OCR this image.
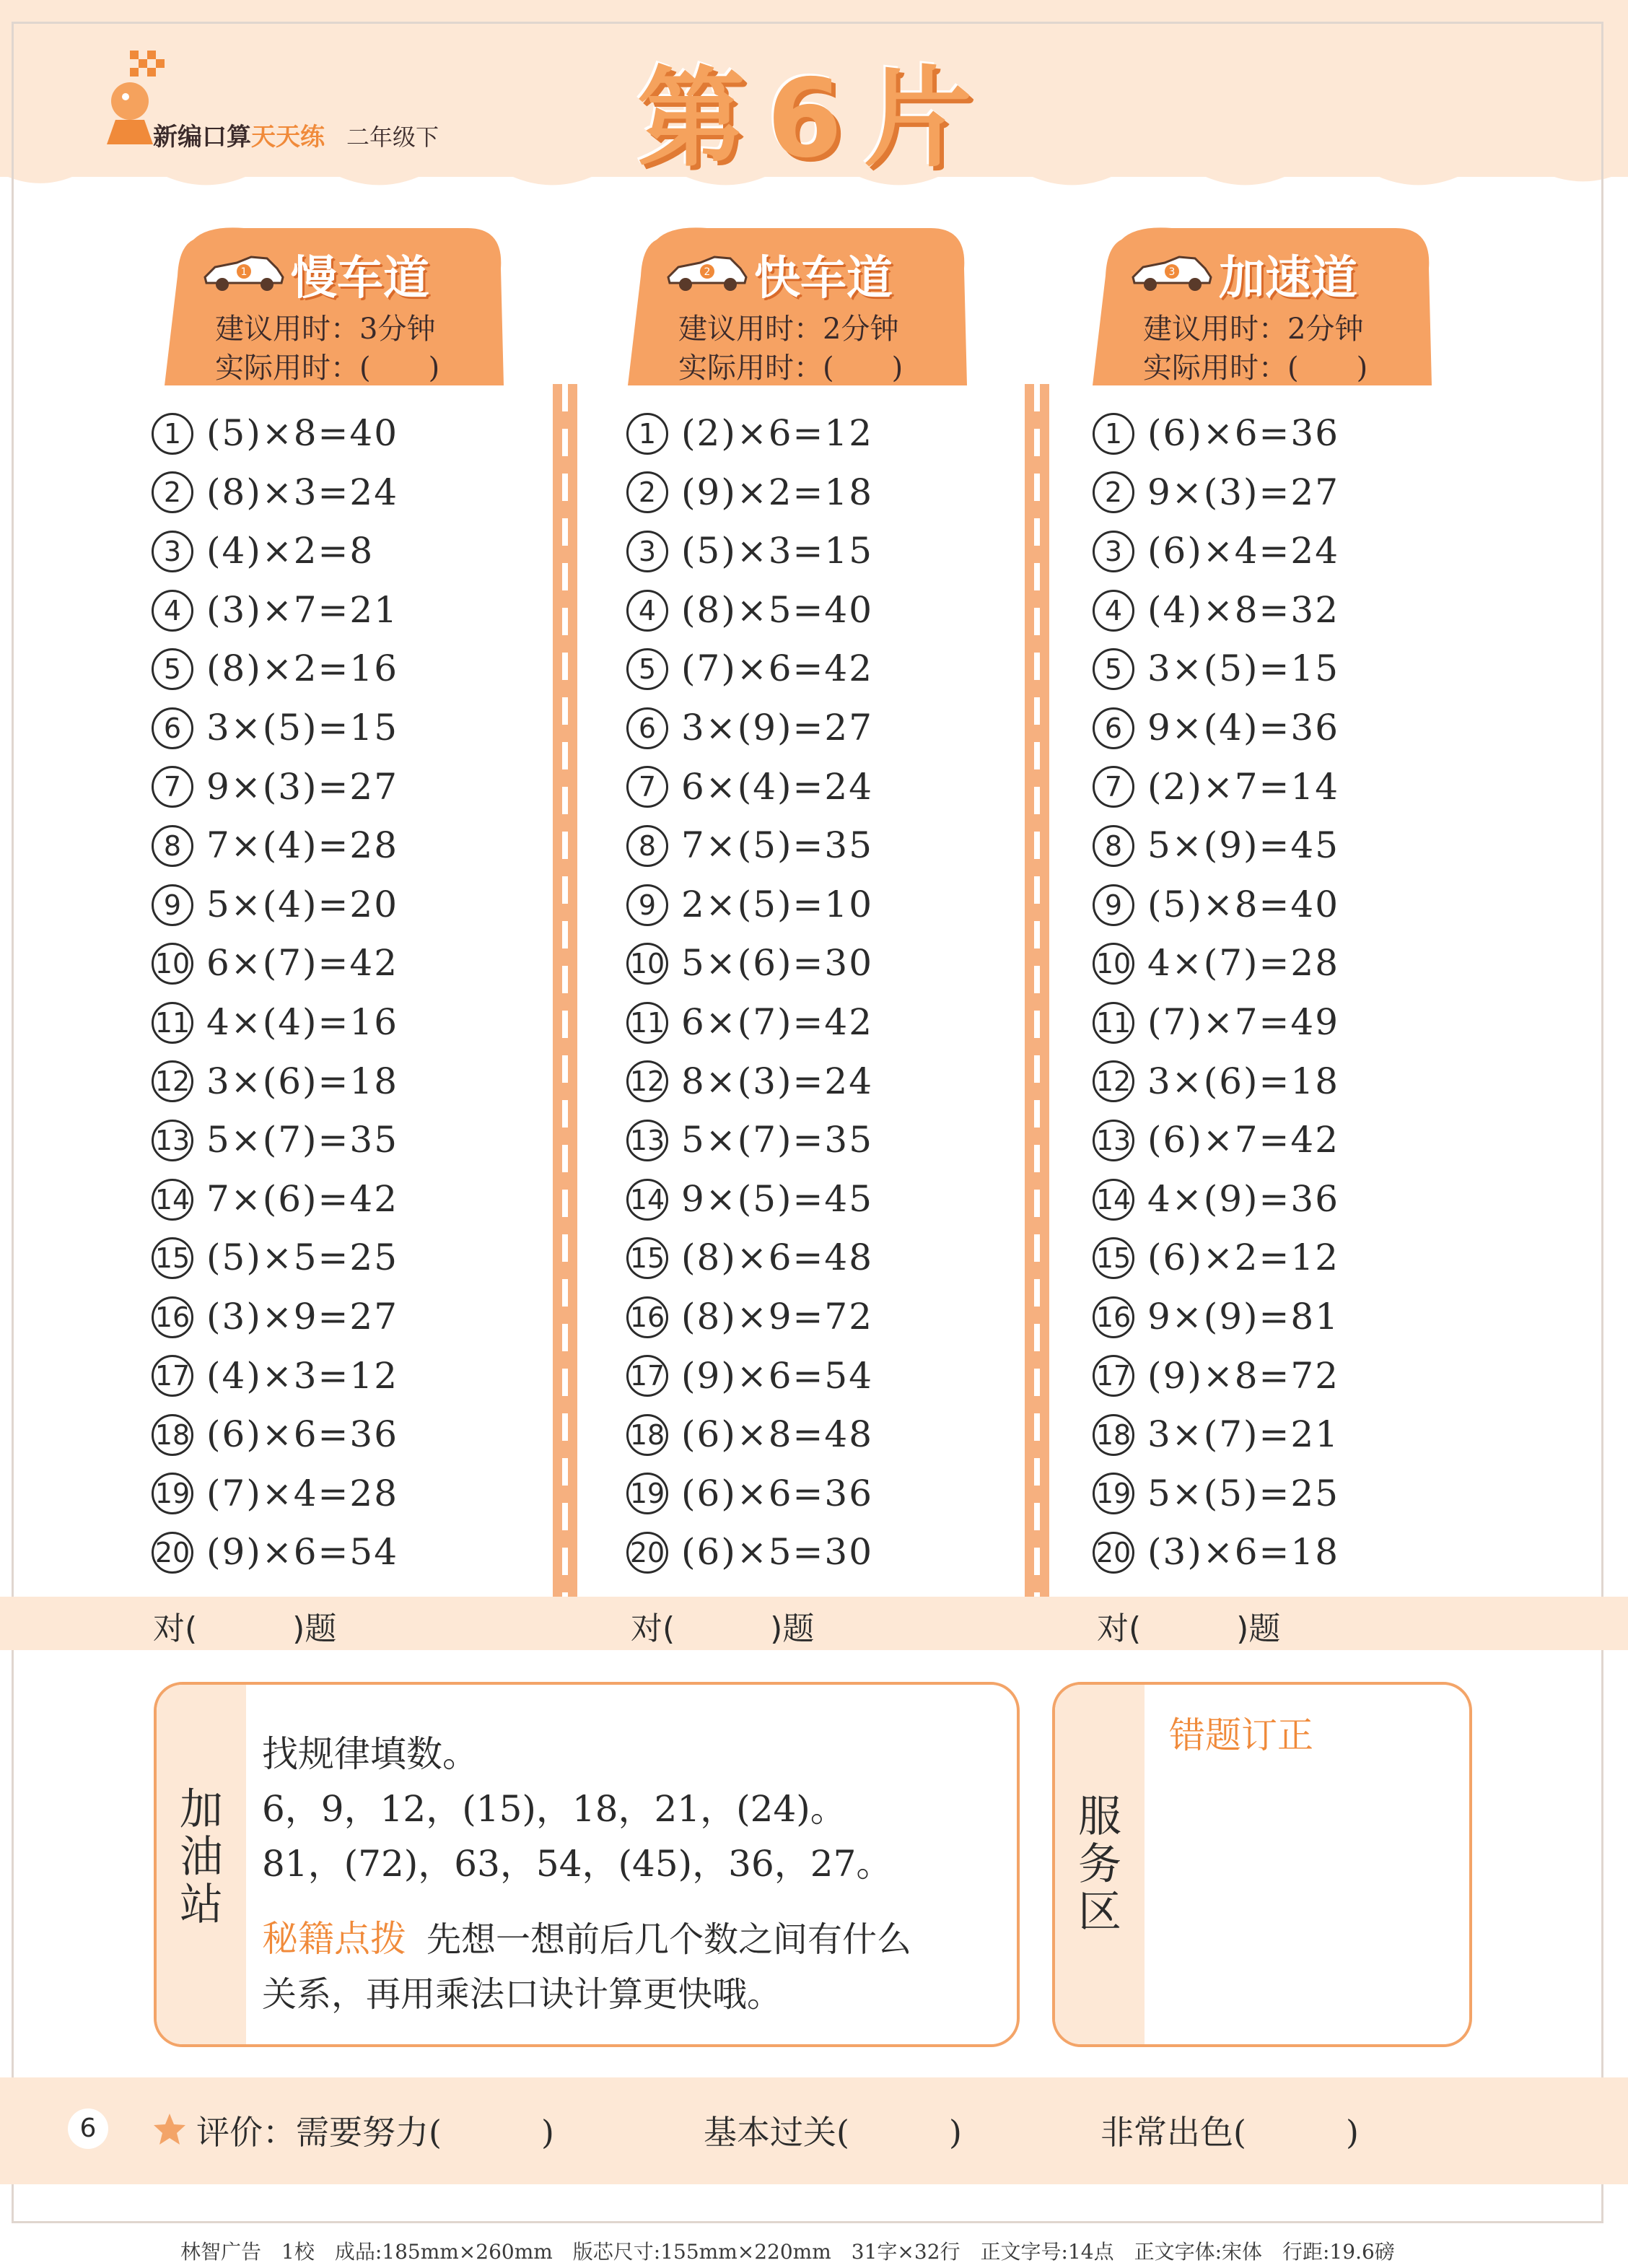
新编口算天天练 二年级下 第6片
1 慢车道
建议用时：3分钟
实际用时：(　　)
1 (5)×8=40
2 (8)×3=24
3 (4)×2=8
4 (3)×7=21
5 (8)×2=16
6 3×(5)=15
7 9×(3)=27
8 7×(4)=28
9 5×(4)=20
10 6×(7)=42
11 4×(4)=16
12 3×(6)=18
13 5×(7)=35
14 7×(6)=42
15 (5)×5=25
16 (3)×9=27
17 (4)×3=12
18 (6)×6=36
19 (7)×4=28
20 (9)×6=54
2 快车道
建议用时：2分钟
实际用时：(　　)
1 (2)×6=12
2 (9)×2=18
3 (5)×3=15
4 (8)×5=40
5 (7)×6=42
6 3×(9)=27
7 6×(4)=24
8 7×(5)=35
9 2×(5)=10
10 5×(6)=30
11 6×(7)=42
12 8×(3)=24
13 5×(7)=35
14 9×(5)=45
15 (8)×6=48
16 (8)×9=72
17 (9)×6=54
18 (6)×8=48
19 (6)×6=36
20 (6)×5=30
3 加速道
建议用时：2分钟
实际用时：(　　)
1 (6)×6=36
2 9×(3)=27
3 (6)×4=24
4 (4)×8=32
5 3×(5)=15
6 9×(4)=36
7 (2)×7=14
8 5×(9)=45
9 (5)×8=40
10 4×(7)=28
11 (7)×7=49
12 3×(6)=18
13 (6)×7=42
14 4×(9)=36
15 (6)×2=12
16 9×(9)=81
17 (9)×8=72
18 3×(7)=21
19 5×(5)=25
20 (3)×6=18
对(　　　)题	对(　　　)题	对(　　　)题
加油站
找规律填数。
6，9，12，(15)，18，21，(24)。
81，(72)，63，54，(45)，36，27。
秘籍点拨 先想一想前后几个数之间有什么
关系，再用乘法口诀计算更快哦。
服务区
错题订正
6	评价：需要努力(　　　)	基本过关(　　　)	非常出色(　　　)
林智广告　1校　成品:185mm×260mm　版芯尺寸:155mm×220mm　31字×32行　正文字号:14点　正文字体:宋体　行距:19.6磅
